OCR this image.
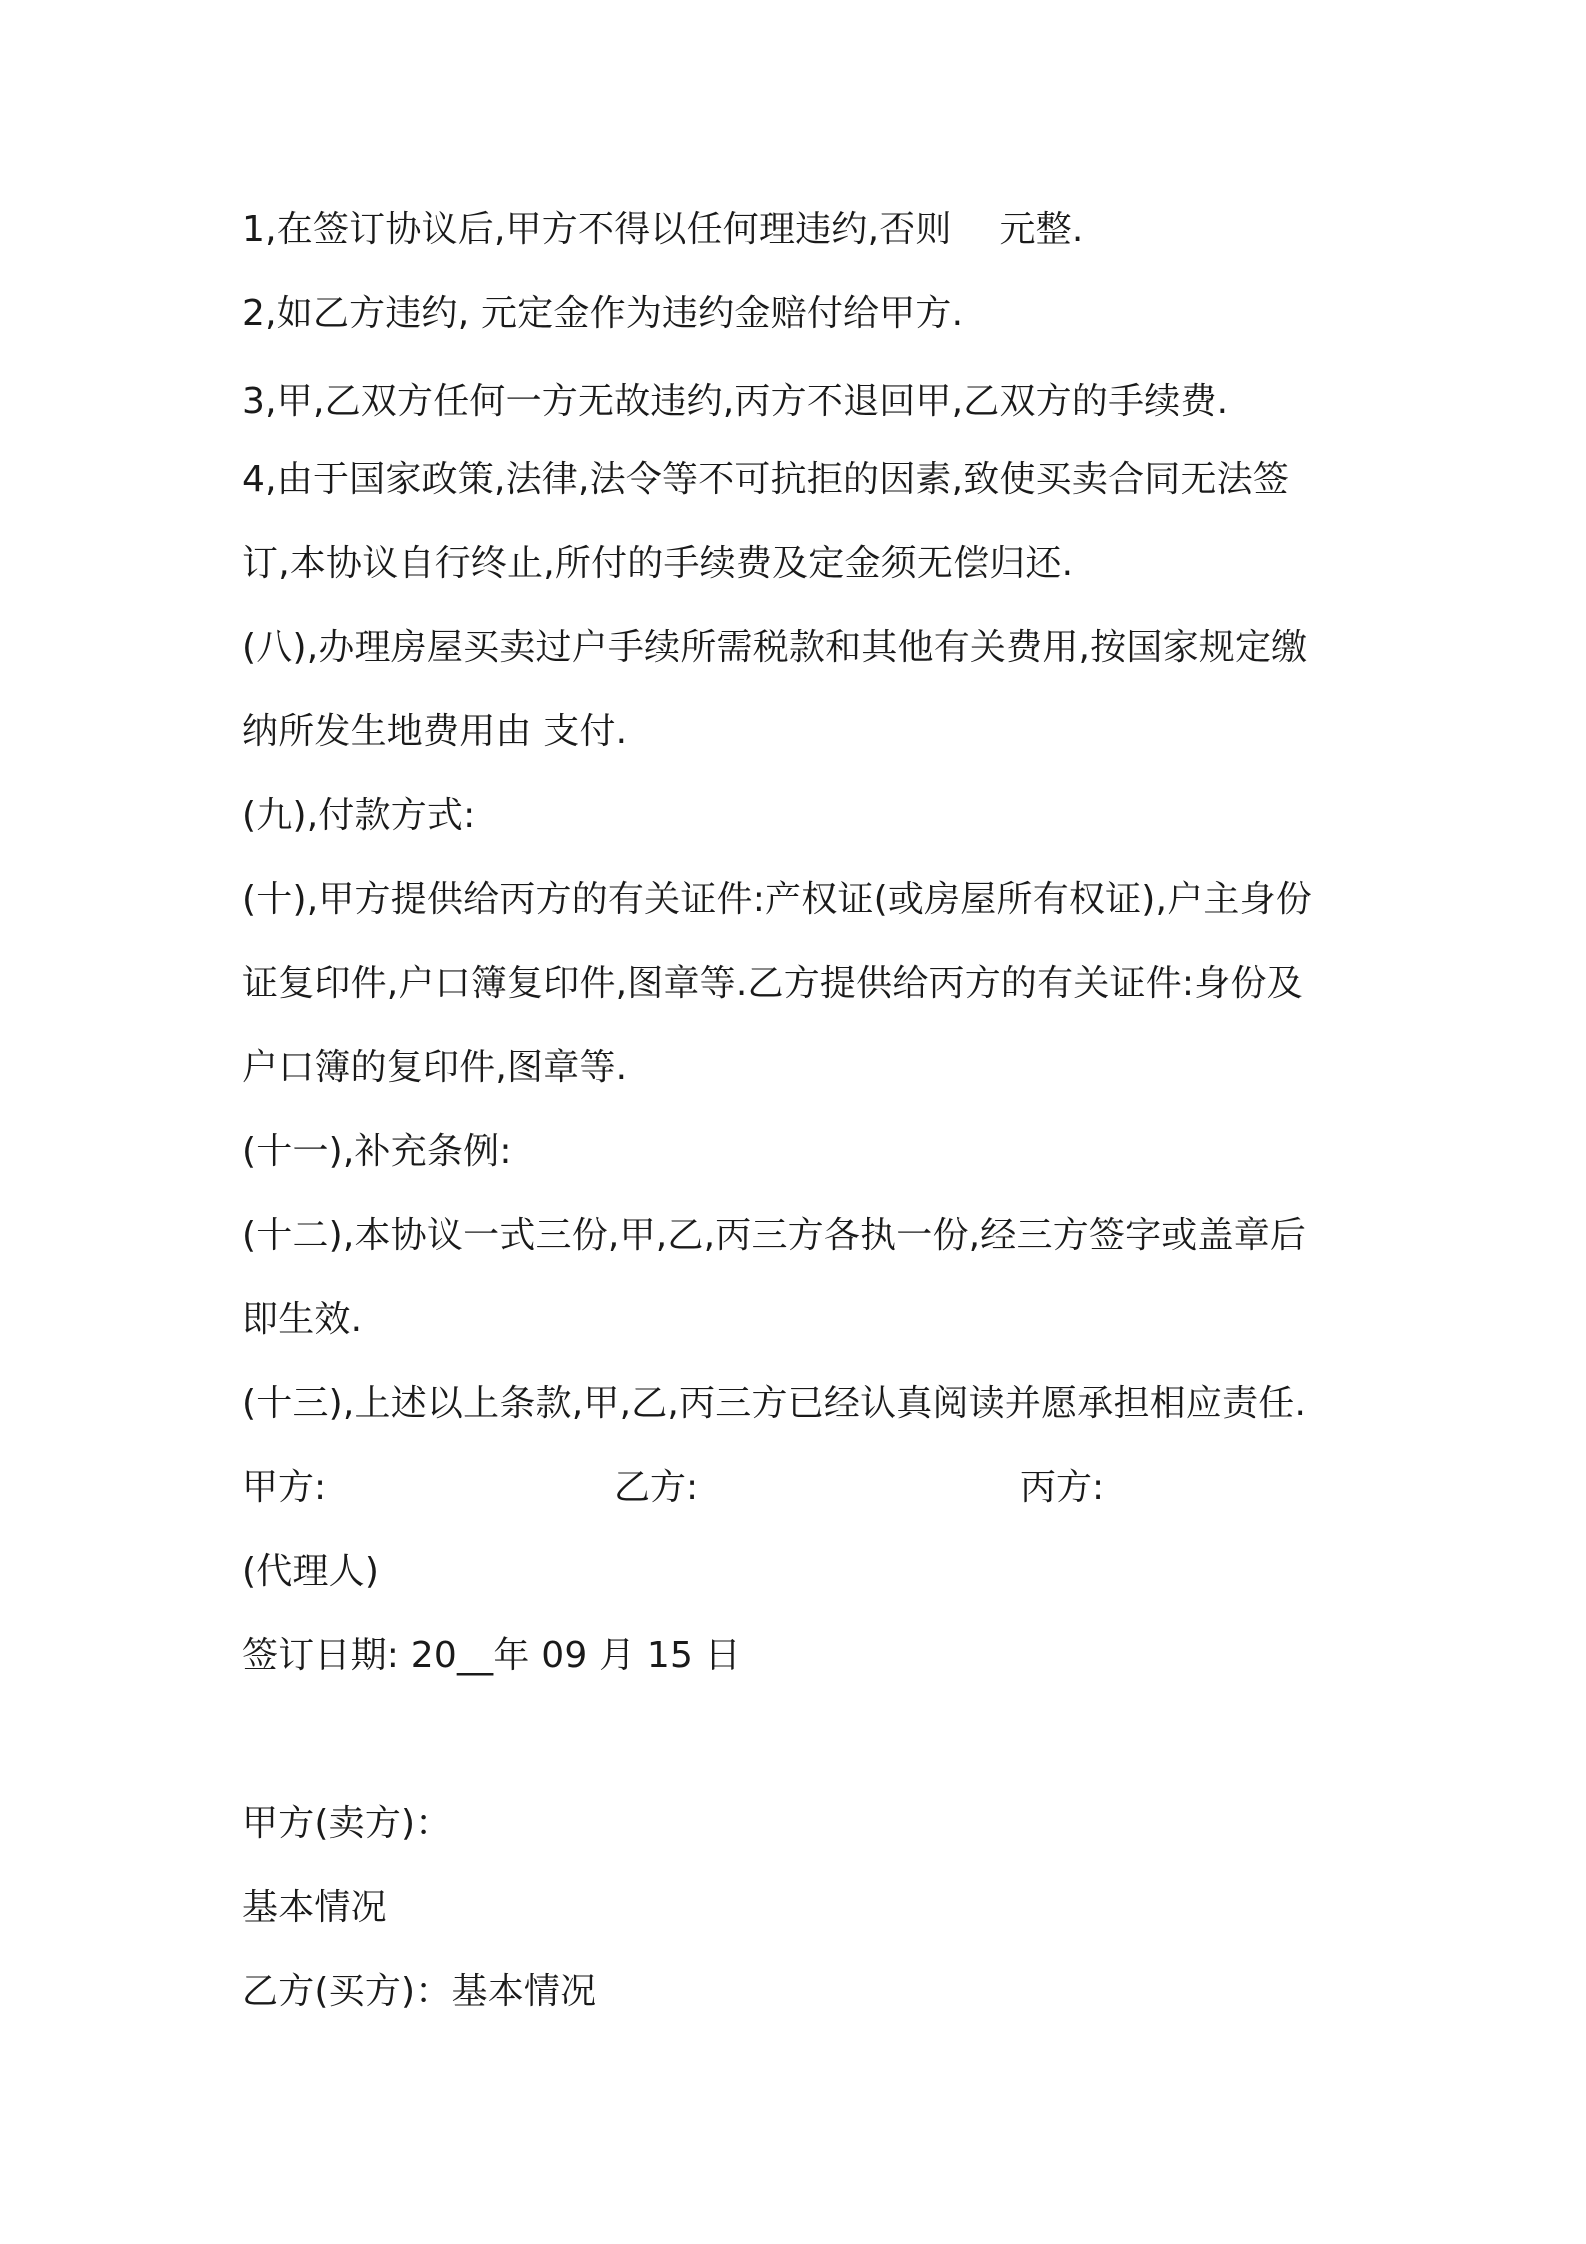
1,在签订协议后,甲方不得以任何理违约,否则　 元整.
2,如乙方违约, 元定金作为违约金赔付给甲方.
3,甲,乙双方任何一方无故违约,丙方不退回甲,乙双方的手续费.
4,由于国家政策,法律,法令等不可抗拒的因素,致使买卖合同无法签
订,本协议自行终止,所付的手续费及定金须无偿归还.
(八),办理房屋买卖过户手续所需税款和其他有关费用,按国家规定缴
纳所发生地费用由 支付.
(九),付款方式:
(十),甲方提供给丙方的有关证件:产权证(或房屋所有权证),户主身份
证复印件,户口簿复印件,图章等.乙方提供给丙方的有关证件:身份及
户口簿的复印件,图章等.
(十一),补充条例:
(十二),本协议一式三份,甲,乙,丙三方各执一份,经三方签字或盖章后
即生效.
(十三),上述以上条款,甲,乙,丙三方已经认真阅读并愿承担相应责任.
甲方:	乙方:	丙方:
(代理人)
签订日期: 20__年 09 月 15 日
甲方(卖方)：
基本情况
乙方(买方)：基本情况
